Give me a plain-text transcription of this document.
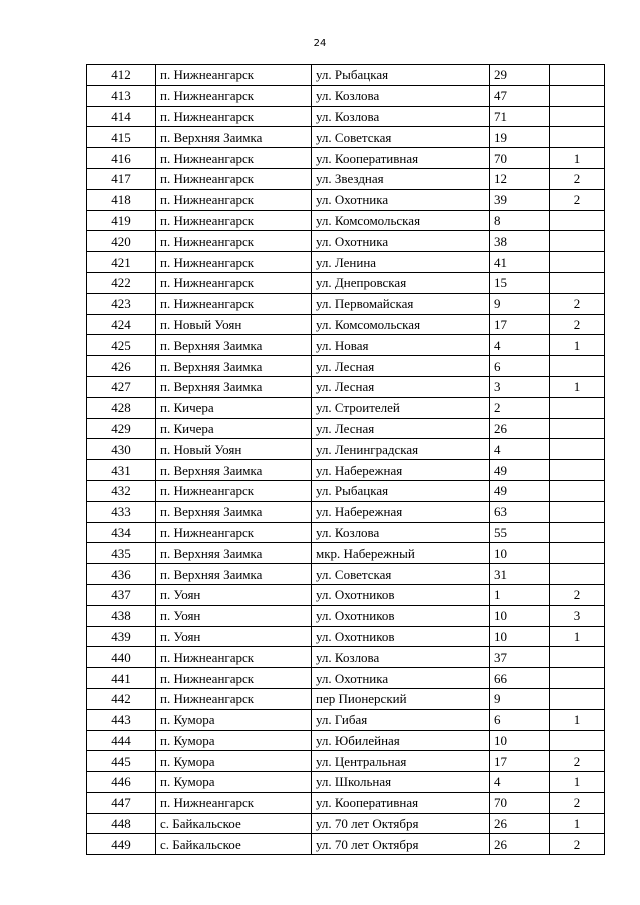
24
412	п. Нижнеангарск	ул. Рыбацкая	29	
413	п. Нижнеангарск	ул. Козлова	47	
414	п. Нижнеангарск	ул. Козлова	71	
415	п. Верхняя Заимка	ул. Советская	19	
416	п. Нижнеангарск	ул. Кооперативная	70	1
417	п. Нижнеангарск	ул. Звездная	12	2
418	п. Нижнеангарск	ул. Охотника	39	2
419	п. Нижнеангарск	ул. Комсомольская	8	
420	п. Нижнеангарск	ул. Охотника	38	
421	п. Нижнеангарск	ул. Ленина	41	
422	п. Нижнеангарск	ул. Днепровская	15	
423	п. Нижнеангарск	ул. Первомайская	9	2
424	п. Новый Уоян	ул. Комсомольская	17	2
425	п. Верхняя Заимка	ул. Новая	4	1
426	п. Верхняя Заимка	ул. Лесная	6	
427	п. Верхняя Заимка	ул. Лесная	3	1
428	п. Кичера	ул. Строителей	2	
429	п. Кичера	ул. Лесная	26	
430	п. Новый Уоян	ул. Ленинградская	4	
431	п. Верхняя Заимка	ул. Набережная	49	
432	п. Нижнеангарск	ул. Рыбацкая	49	
433	п. Верхняя Заимка	ул. Набережная	63	
434	п. Нижнеангарск	ул. Козлова	55	
435	п. Верхняя Заимка	мкр. Набережный	10	
436	п. Верхняя Заимка	ул. Советская	31	
437	п. Уоян	ул. Охотников	1	2
438	п. Уоян	ул. Охотников	10	3
439	п. Уоян	ул. Охотников	10	1
440	п. Нижнеангарск	ул. Козлова	37	
441	п. Нижнеангарск	ул. Охотника	66	
442	п. Нижнеангарск	пер Пионерский	9	
443	п. Кумора	ул. Гибая	6	1
444	п. Кумора	ул. Юбилейная	10	
445	п. Кумора	ул. Центральная	17	2
446	п. Кумора	ул. Школьная	4	1
447	п. Нижнеангарск	ул. Кооперативная	70	2
448	с. Байкальское	ул. 70 лет Октября	26	1
449	с. Байкальское	ул. 70 лет Октября	26	2
